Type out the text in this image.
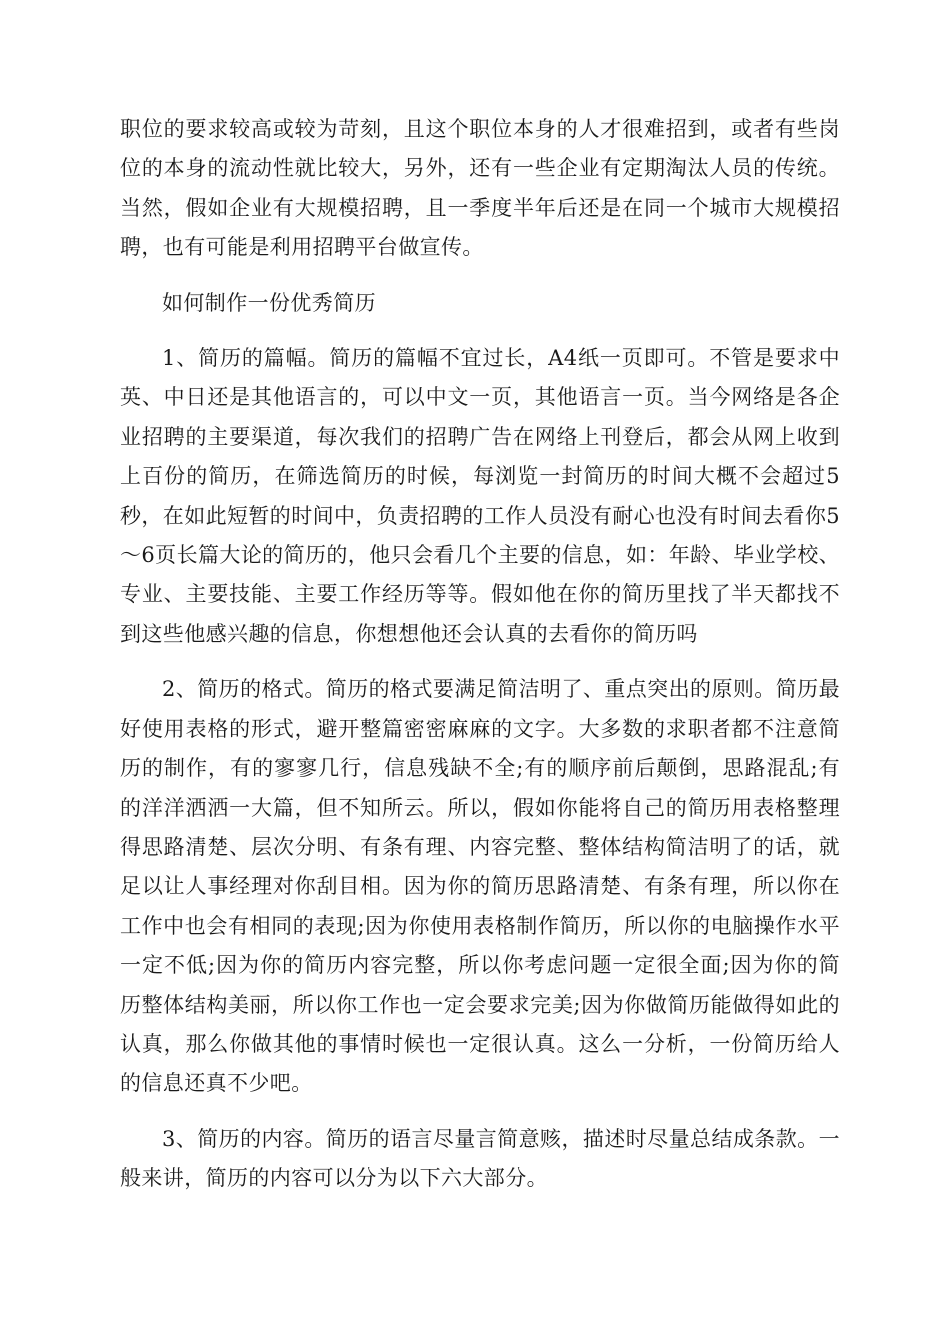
职位的要求较高或较为苛刻，且这个职位本身的人才很难招到，或者有些岗位的本身的流动性就比较大，另外，还有一些企业有定期淘汰人员的传统。当然，假如企业有大规模招聘，且一季度半年后还是在同一个城市大规模招聘，也有可能是利用招聘平台做宣传。

如何制作一份优秀简历

1、简历的篇幅。简历的篇幅不宜过长，A4纸一页即可。不管是要求中英、中日还是其他语言的，可以中文一页，其他语言一页。当今网络是各企业招聘的主要渠道，每次我们的招聘广告在网络上刊登后，都会从网上收到上百份的简历，在筛选简历的时候，每浏览一封简历的时间大概不会超过5秒，在如此短暂的时间中，负责招聘的工作人员没有耐心也没有时间去看你5～6页长篇大论的简历的，他只会看几个主要的信息，如：年龄、毕业学校、专业、主要技能、主要工作经历等等。假如他在你的简历里找了半天都找不到这些他感兴趣的信息，你想想他还会认真的去看你的简历吗

2、简历的格式。简历的格式要满足简洁明了、重点突出的原则。简历最好使用表格的形式，避开整篇密密麻麻的文字。大多数的求职者都不注意简历的制作，有的寥寥几行，信息残缺不全;有的顺序前后颠倒，思路混乱;有的洋洋洒洒一大篇，但不知所云。所以，假如你能将自己的简历用表格整理得思路清楚、层次分明、有条有理、内容完整、整体结构简洁明了的话，就足以让人事经理对你刮目相。因为你的简历思路清楚、有条有理，所以你在工作中也会有相同的表现;因为你使用表格制作简历，所以你的电脑操作水平一定不低;因为你的简历内容完整，所以你考虑问题一定很全面;因为你的简历整体结构美丽，所以你工作也一定会要求完美;因为你做简历能做得如此的认真，那么你做其他的事情时候也一定很认真。这么一分析，一份简历给人的信息还真不少吧。

3、简历的内容。简历的语言尽量言简意赅，描述时尽量总结成条款。一般来讲，简历的内容可以分为以下六大部分。
